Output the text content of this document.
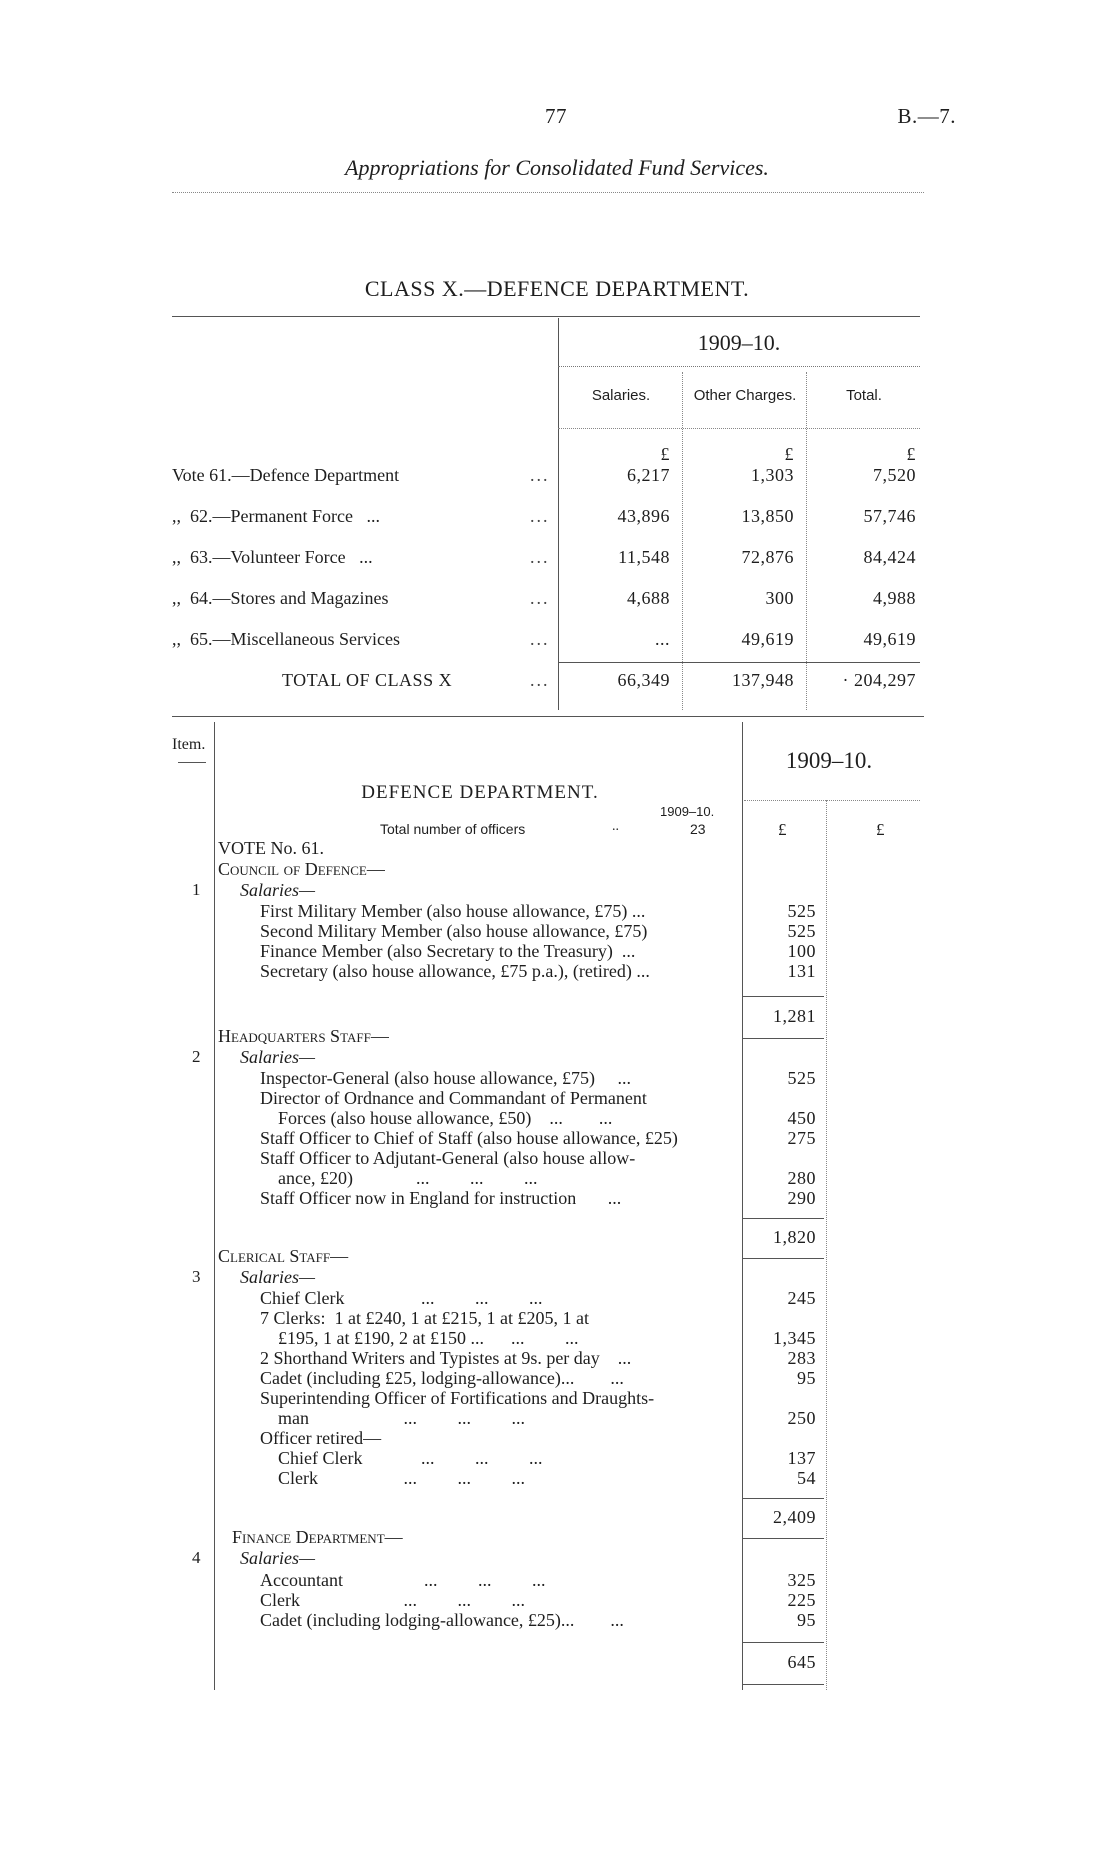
77	B.—7.
Appropriations for Consolidated Fund Services.
CLASS X.—DEFENCE DEPARTMENT.
1909–10.
Salaries.	Other Charges.	Total.
£	£	£
Vote 61.—Defence Department	...	6,217	1,303	7,520
,,  62.—Permanent Force   ...	...	43,896	13,850	57,746
,,  63.—Volunteer Force   ...	...	11,548	72,876	84,424
,,  64.—Stores and Magazines	...	4,688	300	4,988
,,  65.—Miscellaneous Services	...	...	49,619	49,619
TOTAL OF CLASS X	...	66,349	137,948	· 204,297
Item.
1909–10.
DEFENCE DEPARTMENT.
1909–10.
Total number of officers	..	23	£	£
VOTE No. 61.
Council of Defence—
1 Salaries—
First Military Member (also house allowance, £75) ...	525
Second Military Member (also house allowance, £75)	525
Finance Member (also Secretary to the Treasury)  ...	100
Secretary (also house allowance, £75 p.a.), (retired) ...	131
1,281
Headquarters Staff—
2 Salaries—
Inspector-General (also house allowance, £75)     ...	525
Director of Ordnance and Commandant of Permanent
Forces (also house allowance, £50)    ...        ...	450
Staff Officer to Chief of Staff (also house allowance, £25)	275
Staff Officer to Adjutant-General (also house allow-
ance, £20)              ...         ...         ...	280
Staff Officer now in England for instruction       ...	290
1,820
Clerical Staff—
3 Salaries—
Chief Clerk                 ...         ...         ...	245
7 Clerks:  1 at £240, 1 at £215, 1 at £205, 1 at
£195, 1 at £190, 2 at £150 ...      ...         ...	1,345
2 Shorthand Writers and Typistes at 9s. per day    ...	283
Cadet (including £25, lodging-allowance)...        ...	95
Superintending Officer of Fortifications and Draughts-
man                     ...         ...         ...	250
Officer retired—
Chief Clerk             ...         ...         ...	137
Clerk                   ...         ...         ...	54
2,409
Finance Department—
4 Salaries—
Accountant                  ...         ...         ...	325
Clerk                       ...         ...         ...	225
Cadet (including lodging-allowance, £25)...        ...	95
645
